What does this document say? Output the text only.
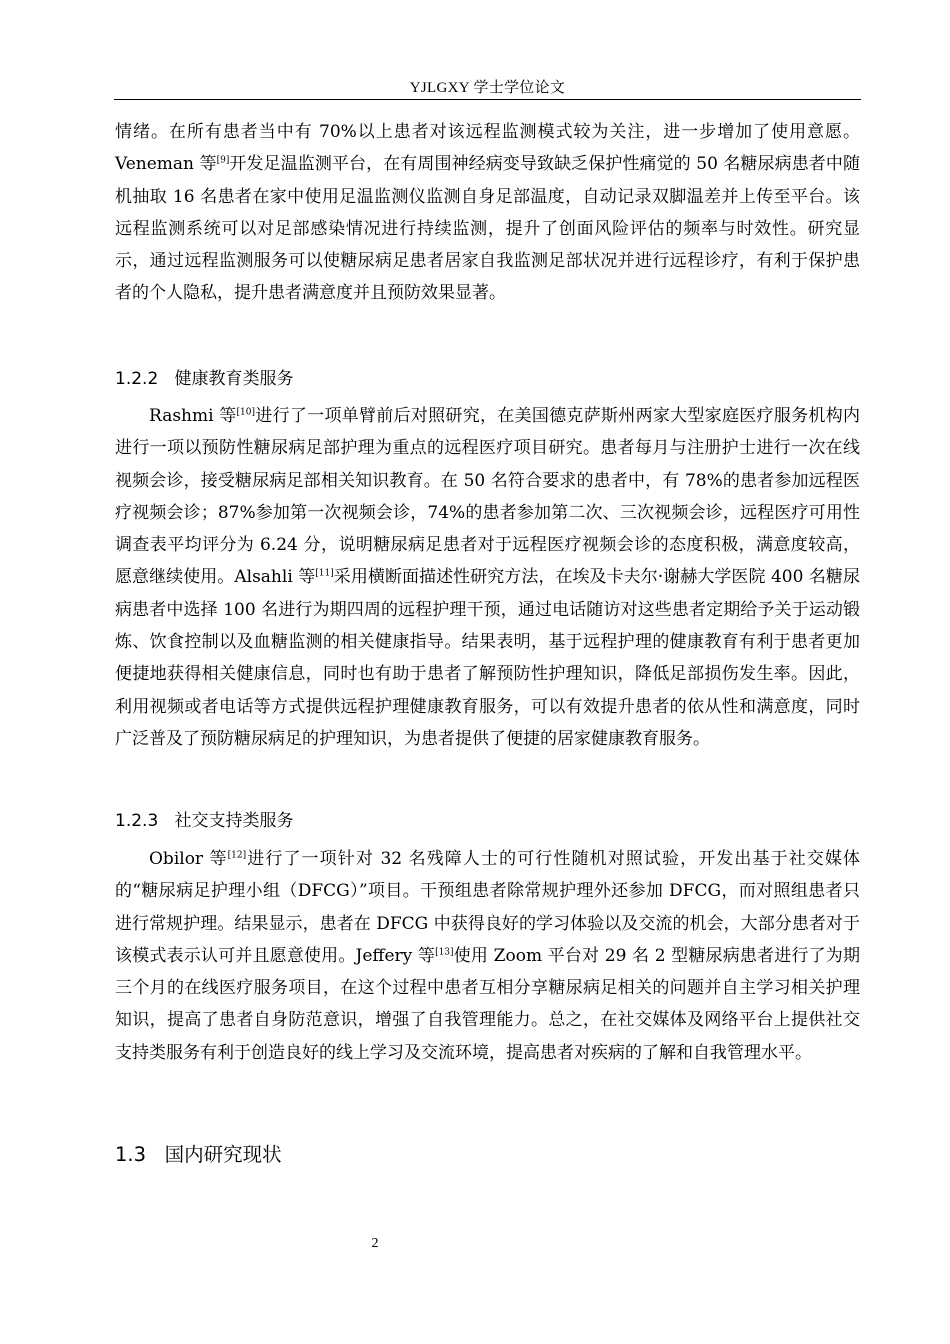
YJLGXY 学士学位论文

情绪。在所有患者当中有 70%以上患者对该远程监测模式较为关注，进一步增加了使用意愿。Veneman 等[9]开发足温监测平台，在有周围神经病变导致缺乏保护性痛觉的 50 名糖尿病患者中随机抽取 16 名患者在家中使用足温监测仪监测自身足部温度，自动记录双脚温差并上传至平台。该远程监测系统可以对足部感染情况进行持续监测，提升了创面风险评估的频率与时效性。研究显示，通过远程监测服务可以使糖尿病足患者居家自我监测足部状况并进行远程诊疗，有利于保护患者的个人隐私，提升患者满意度并且预防效果显著。

1.2.2   健康教育类服务

Rashmi 等[10]进行了一项单臂前后对照研究，在美国德克萨斯州两家大型家庭医疗服务机构内进行一项以预防性糖尿病足部护理为重点的远程医疗项目研究。患者每月与注册护士进行一次在线视频会诊，接受糖尿病足部相关知识教育。在 50 名符合要求的患者中，有 78%的患者参加远程医疗视频会诊；87%参加第一次视频会诊，74%的患者参加第二次、三次视频会诊，远程医疗可用性调查表平均评分为 6.24 分，说明糖尿病足患者对于远程医疗视频会诊的态度积极，满意度较高，愿意继续使用。Alsahli 等[11]采用横断面描述性研究方法，在埃及卡夫尔·谢赫大学医院 400 名糖尿病患者中选择 100 名进行为期四周的远程护理干预，通过电话随访对这些患者定期给予关于运动锻炼、饮食控制以及血糖监测的相关健康指导。结果表明，基于远程护理的健康教育有利于患者更加便捷地获得相关健康信息，同时也有助于患者了解预防性护理知识，降低足部损伤发生率。因此，利用视频或者电话等方式提供远程护理健康教育服务，可以有效提升患者的依从性和满意度，同时广泛普及了预防糖尿病足的护理知识，为患者提供了便捷的居家健康教育服务。

1.2.3   社交支持类服务

Obilor 等[12]进行了一项针对 32 名残障人士的可行性随机对照试验，开发出基于社交媒体的“糖尿病足护理小组（DFCG）”项目。干预组患者除常规护理外还参加 DFCG，而对照组患者只进行常规护理。结果显示，患者在 DFCG 中获得良好的学习体验以及交流的机会，大部分患者对于该模式表示认可并且愿意使用。Jeffery 等[13]使用 Zoom 平台对 29 名 2 型糖尿病患者进行了为期三个月的在线医疗服务项目，在这个过程中患者互相分享糖尿病足相关的问题并自主学习相关护理知识，提高了患者自身防范意识，增强了自我管理能力。总之，在社交媒体及网络平台上提供社交支持类服务有利于创造良好的线上学习及交流环境，提高患者对疾病的了解和自我管理水平。

1.3   国内研究现状
2
